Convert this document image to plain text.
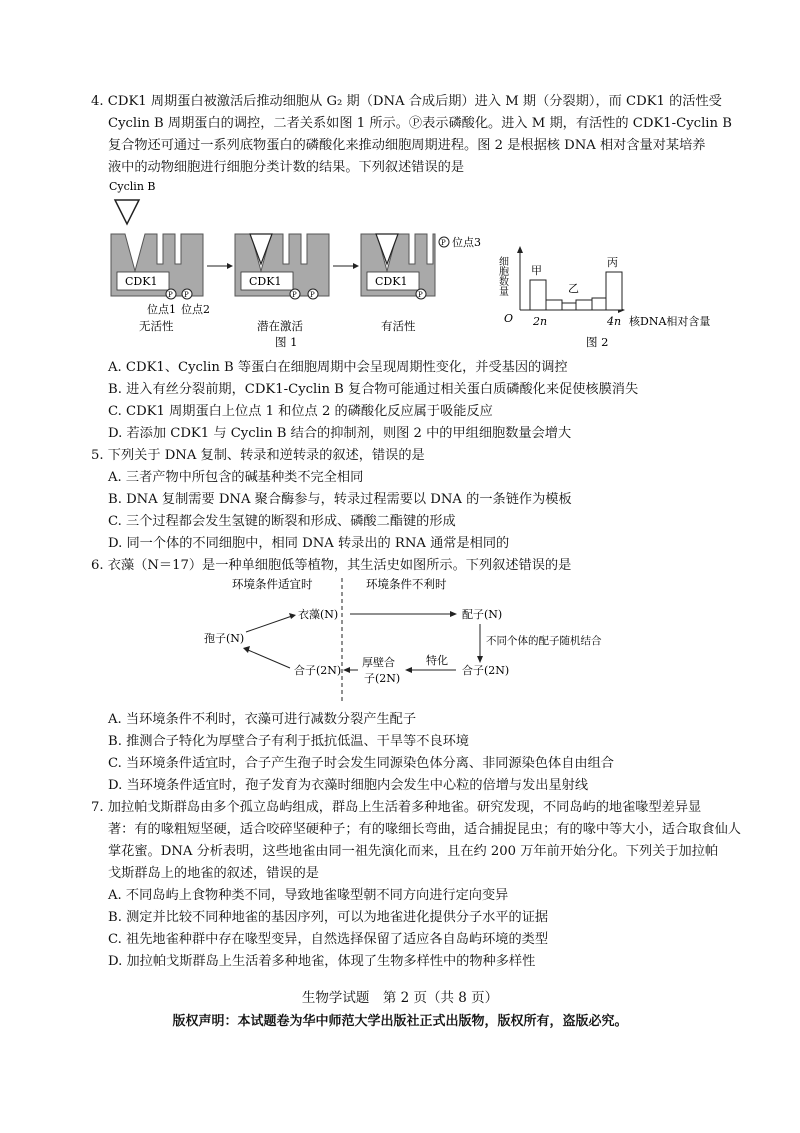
4. CDK1 周期蛋白被激活后推动细胞从 G₂ 期（DNA 合成后期）进入 M 期（分裂期），而 CDK1 的活性受
Cyclin B 周期蛋白的调控，二者关系如图 1 所示。Ⓟ表示磷酸化。进入 M 期，有活性的 CDK1-Cyclin B
复合物还可通过一系列底物蛋白的磷酸化来推动细胞周期进程。图 2 是根据核 DNA 相对含量对某培养
液中的动物细胞进行细胞分类计数的结果。下列叙述错误的是
Cyclin B
CDK1
P P
位点1 位点2
无活性
CDK1
P P
潜在激活
CDK1
P 位点3
P
有活性
图 1
细胞数量
O
甲
乙
丙
2n	4n 核DNA相对含量
图 2
A. CDK1、Cyclin B 等蛋白在细胞周期中会呈现周期性变化，并受基因的调控
B. 进入有丝分裂前期，CDK1-Cyclin B 复合物可能通过相关蛋白质磷酸化来促使核膜消失
C. CDK1 周期蛋白上位点 1 和位点 2 的磷酸化反应属于吸能反应
D. 若添加 CDK1 与 Cyclin B 结合的抑制剂，则图 2 中的甲组细胞数量会增大
5. 下列关于 DNA 复制、转录和逆转录的叙述，错误的是
A. 三者产物中所包含的碱基种类不完全相同
B. DNA 复制需要 DNA 聚合酶参与，转录过程需要以 DNA 的一条链作为模板
C. 三个过程都会发生氢键的断裂和形成、磷酸二酯键的形成
D. 同一个体的不同细胞中，相同 DNA 转录出的 RNA 通常是相同的
6. 衣藻（N＝17）是一种单细胞低等植物，其生活史如图所示。下列叙述错误的是
环境条件适宜时	环境条件不利时
衣藻(N)	配子(N)
不同个体的配子随机结合
孢子(N)
合子(2N)
特化
厚壁合
子(2N)
合子(2N)
A. 当环境条件不利时，衣藻可进行减数分裂产生配子
B. 推测合子特化为厚壁合子有利于抵抗低温、干旱等不良环境
C. 当环境条件适宜时，合子产生孢子时会发生同源染色体分离、非同源染色体自由组合
D. 当环境条件适宜时，孢子发育为衣藻时细胞内会发生中心粒的倍增与发出星射线
7. 加拉帕戈斯群岛由多个孤立岛屿组成，群岛上生活着多种地雀。研究发现，不同岛屿的地雀喙型差异显
著：有的喙粗短坚硬，适合咬碎坚硬种子；有的喙细长弯曲，适合捕捉昆虫；有的喙中等大小，适合取食仙人
掌花蜜。DNA 分析表明，这些地雀由同一祖先演化而来，且在约 200 万年前开始分化。下列关于加拉帕
戈斯群岛上的地雀的叙述，错误的是
A. 不同岛屿上食物种类不同，导致地雀喙型朝不同方向进行定向变异
B. 测定并比较不同种地雀的基因序列，可以为地雀进化提供分子水平的证据
C. 祖先地雀种群中存在喙型变异，自然选择保留了适应各自岛屿环境的类型
D. 加拉帕戈斯群岛上生活着多种地雀，体现了生物多样性中的物种多样性
生物学试题　第 2 页（共 8 页）
版权声明：本试题卷为华中师范大学出版社正式出版物，版权所有，盗版必究。
